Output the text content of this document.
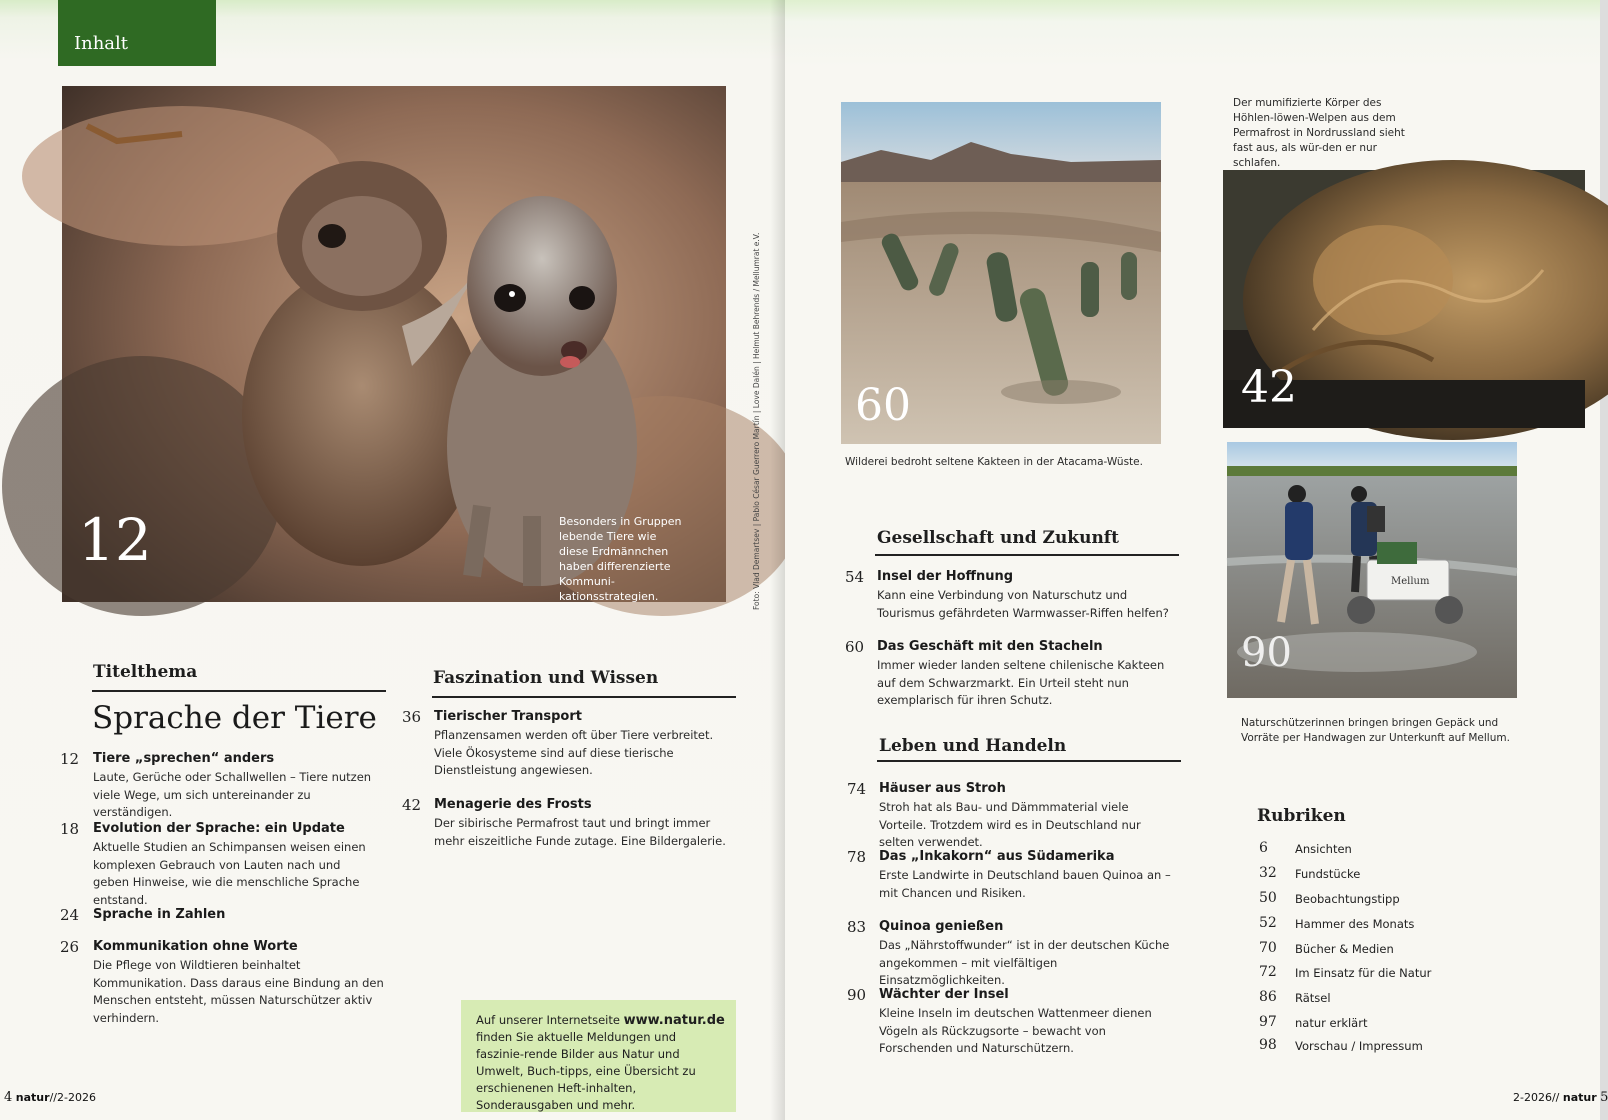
Inhalt
12	Besonders in Gruppen lebende Tiere wie diese Erdmännchen haben differenzierte Kommuni-kationsstrategien.	Foto: Vlad Demartsev | Pablo César Guerrero Martín | Love Dalén | Helmut Behrends / Mellumrat e.V.
Titelthema
Sprache der Tiere
12 Tiere „sprechen“ anders
Laute, Gerüche oder Schallwellen – Tiere nutzen viele Wege, um sich untereinander zu verständigen.
18 Evolution der Sprache: ein Update
Aktuelle Studien an Schimpansen weisen einen komplexen Gebrauch von Lauten nach und geben Hinweise, wie die menschliche Sprache entstand.
24 Sprache in Zahlen
26 Kommunikation ohne Worte
Die Pflege von Wildtieren beinhaltet Kommunikation. Dass daraus eine Bindung an den Menschen entsteht, müssen Naturschützer aktiv verhindern.
Faszination und Wissen
36 Tierischer Transport
Pflanzensamen werden oft über Tiere verbreitet. Viele Ökosysteme sind auf diese tierische Dienstleistung angewiesen.
42 Menagerie des Frosts
Der sibirische Permafrost taut und bringt immer mehr eiszeitliche Funde zutage. Eine Bildergalerie.
Auf unserer Internetseite www.natur.de finden Sie aktuelle Meldungen und faszinie-rende Bilder aus Natur und Umwelt, Buch-tipps, eine Übersicht zu erschienenen Heft-inhalten, Sonderausgaben und mehr.
4 natur//2-2026
60
Wilderei bedroht seltene Kakteen in der Atacama-Wüste.
Der mumifizierte Körper des Höhlen-löwen-Welpen aus dem Permafrost in Nordrussland sieht fast aus, als wür-den er nur schlafen.
42
Mellum
90
Naturschützerinnen bringen bringen Gepäck und Vorräte per Handwagen zur Unterkunft auf Mellum.
Gesellschaft und Zukunft
54 Insel der Hoffnung
Kann eine Verbindung von Naturschutz und Tourismus gefährdeten Warmwasser-Riffen helfen?
60 Das Geschäft mit den Stacheln
Immer wieder landen seltene chilenische Kakteen auf dem Schwarzmarkt. Ein Urteil steht nun exemplarisch für ihren Schutz.
Leben und Handeln
74 Häuser aus Stroh
Stroh hat als Bau- und Dämmmaterial viele Vorteile. Trotzdem wird es in Deutschland nur selten verwendet.
78 Das „Inkakorn“ aus Südamerika
Erste Landwirte in Deutschland bauen Quinoa an – mit Chancen und Risiken.
83 Quinoa genießen
Das „Nährstoffwunder“ ist in der deutschen Küche angekommen – mit vielfältigen Einsatzmöglichkeiten.
90 Wächter der Insel
Kleine Inseln im deutschen Wattenmeer dienen Vögeln als Rückzugsorte – bewacht von Forschenden und Naturschützern.
Rubriken
6 Ansichten
32 Fundstücke
50 Beobachtungstipp
52 Hammer des Monats
70 Bücher & Medien
72 Im Einsatz für die Natur
86 Rätsel
97 natur erklärt
98 Vorschau / Impressum
2-2026// natur 5
